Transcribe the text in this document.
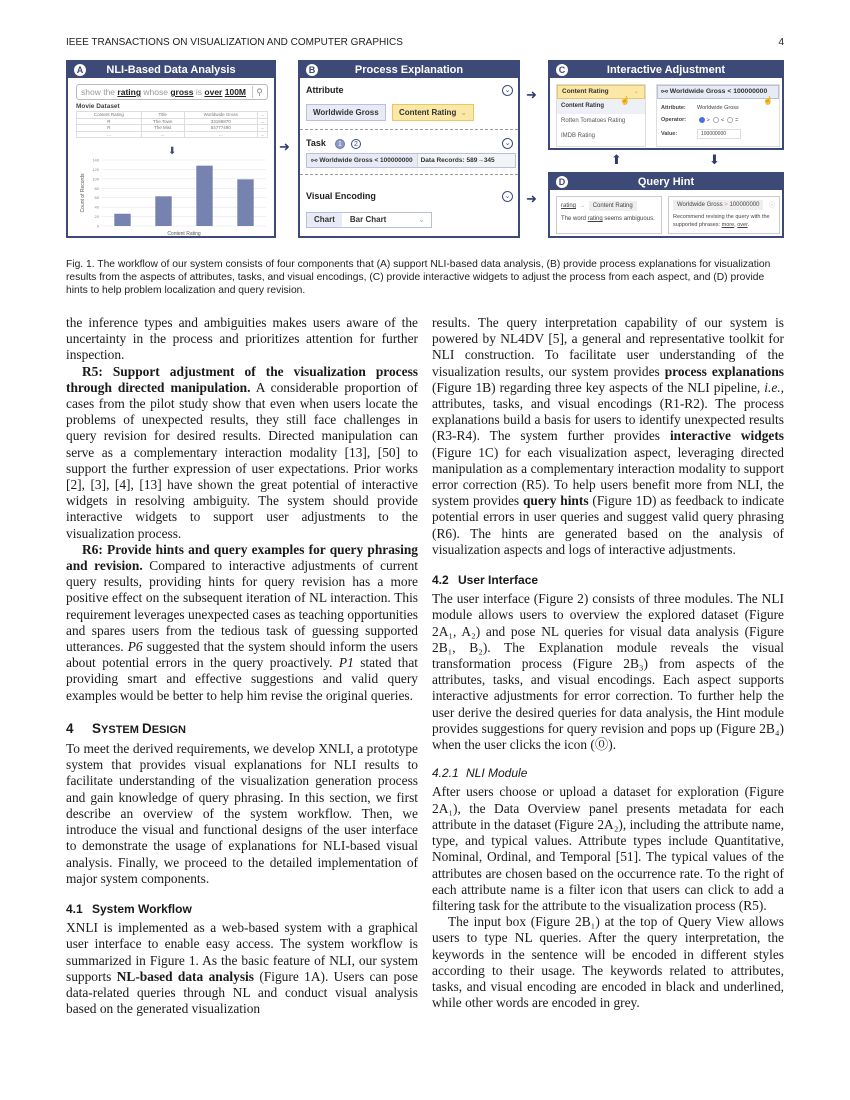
IEEE TRANSACTIONS ON VISUALIZATION AND COMPUTER GRAPHICS	4
A NLI-Based Data Analysis
show the rating whose gross is over 100M	⚲
Movie Dataset
Content Rating	Title	Worldwide Gross	...
R	The Town	33186870	...
R	The Mist	54777490	...
...	...	...	...
⬇
0
20
40
60
80
100
120
140
Content Rating
Count of Records
➜
➜
➜
⬆	⬇
B	Process Explanation
Attribute	⌄
Worldwide Gross	Content Rating ⌄
Task	1	2	⌄
⧟ Worldwide Gross < 100000000 Data Records: 589→345
Visual Encoding	⌄
Chart Bar Chart	⌄
C	Interactive Adjustment
Content Rating	⌄
Content Rating
Rotten Tomatoes Rating
IMDB Rating
☝
⧟ Worldwide Gross < 100000000
Attribute: Worldwide Gross
Operator:	> < =
Value:	100000000
☝
D	Query Hint
rating  →  Content Rating
The word rating seems ambiguous.
Worldwide Gross > 100000000 ⓘ
Recommend revising the query with the supported phrases: more, over.
Fig. 1. The workflow of our system consists of four components that (A) support NLI-based data analysis, (B) provide process explanations for visualization results from the aspects of attributes, tasks, and visual encodings, (C) provide interactive widgets to adjust the process from each aspect, and (D) provide hints to help problem localization and query revision.

the inference types and ambiguities makes users aware of the uncertainty in the process and prioritizes attention for further inspection.

R5: Support adjustment of the visualization process through directed manipulation. A considerable proportion of cases from the pilot study show that even when users locate the problems of unexpected results, they still face challenges in query revision for desired results. Directed manipulation can serve as a complementary interaction modality [13], [50] to support the further expression of user expectations. Prior works [2], [3], [4], [13] have shown the great potential of interactive widgets in resolving ambiguity. The system should provide interactive widgets to support user adjustments to the visualization process.

R6: Provide hints and query examples for query phrasing and revision. Compared to interactive adjustments of current query results, providing hints for query revision has a more positive effect on the subsequent iteration of NL interaction. This requirement leverages unexpected cases as teaching opportunities and spares users from the tedious task of guessing supported utterances. P6 suggested that the system should inform the users about potential errors in the query proactively. P1 stated that providing smart and effective suggestions and valid query examples would be better to help him revise the original queries.

4 SYSTEM DESIGN

To meet the derived requirements, we develop XNLI, a prototype system that provides visual explanations for NLI results to facilitate understanding of the visualization generation process and gain knowledge of query phrasing. In this section, we first describe an overview of the system workflow. Then, we introduce the visual and functional designs of the user interface to demonstrate the usage of explanations for NLI-based visual analysis. Finally, we proceed to the detailed implementation of major system components.

4.1 System Workflow

XNLI is implemented as a web-based system with a graphical user interface to enable easy access. The system workflow is summarized in Figure 1. As the basic feature of NLI, our system supports NL-based data analysis (Figure 1A). Users can pose data-related queries through NL and conduct visual analysis based on the generated visualization

results. The query interpretation capability of our system is powered by NL4DV [5], a general and representative toolkit for NLI construction. To facilitate user understanding of the visualization results, our system provides process explanations (Figure 1B) regarding three key aspects of the NLI pipeline, i.e., attributes, tasks, and visual encodings (R1-R2). The process explanations build a basis for users to identify unexpected results (R3-R4). The system further provides interactive widgets (Figure 1C) for each visualization aspect, leveraging directed manipulation as a complementary interaction modality to support error correction (R5). To help users benefit more from NLI, the system provides query hints (Figure 1D) as feedback to indicate potential errors in user queries and suggest valid query phrasing (R6). The hints are generated based on the analysis of visualization aspects and logs of interactive adjustments.

4.2 User Interface

The user interface (Figure 2) consists of three modules. The NLI module allows users to overview the explored dataset (Figure 2A₁, A₂) and pose NL queries for visual data analysis (Figure 2B₁, B₂). The Explanation module reveals the visual transformation process (Figure 2B₃) from aspects of the attributes, tasks, and visual encodings. Each aspect supports interactive adjustments for error correction. To further help the user derive the desired queries for data analysis, the Hint module provides suggestions for query revision and pops up (Figure 2B₄) when the user clicks the icon (⓪).

4.2.1 NLI Module

After users choose or upload a dataset for exploration (Figure 2A₁), the Data Overview panel presents metadata for each attribute in the dataset (Figure 2A₂), including the attribute name, type, and typical values. Attribute types include Quantitative, Nominal, Ordinal, and Temporal [51]. The typical values of the attributes are chosen based on the occurrence rate. To the right of each attribute name is a filter icon that users can click to add a filtering task for the attribute to the visualization process (R5).

The input box (Figure 2B₁) at the top of Query View allows users to type NL queries. After the query interpretation, the keywords in the sentence will be encoded in different styles according to their usage. The keywords related to attributes, tasks, and visual encoding are encoded in black and underlined, while other words are encoded in grey.
